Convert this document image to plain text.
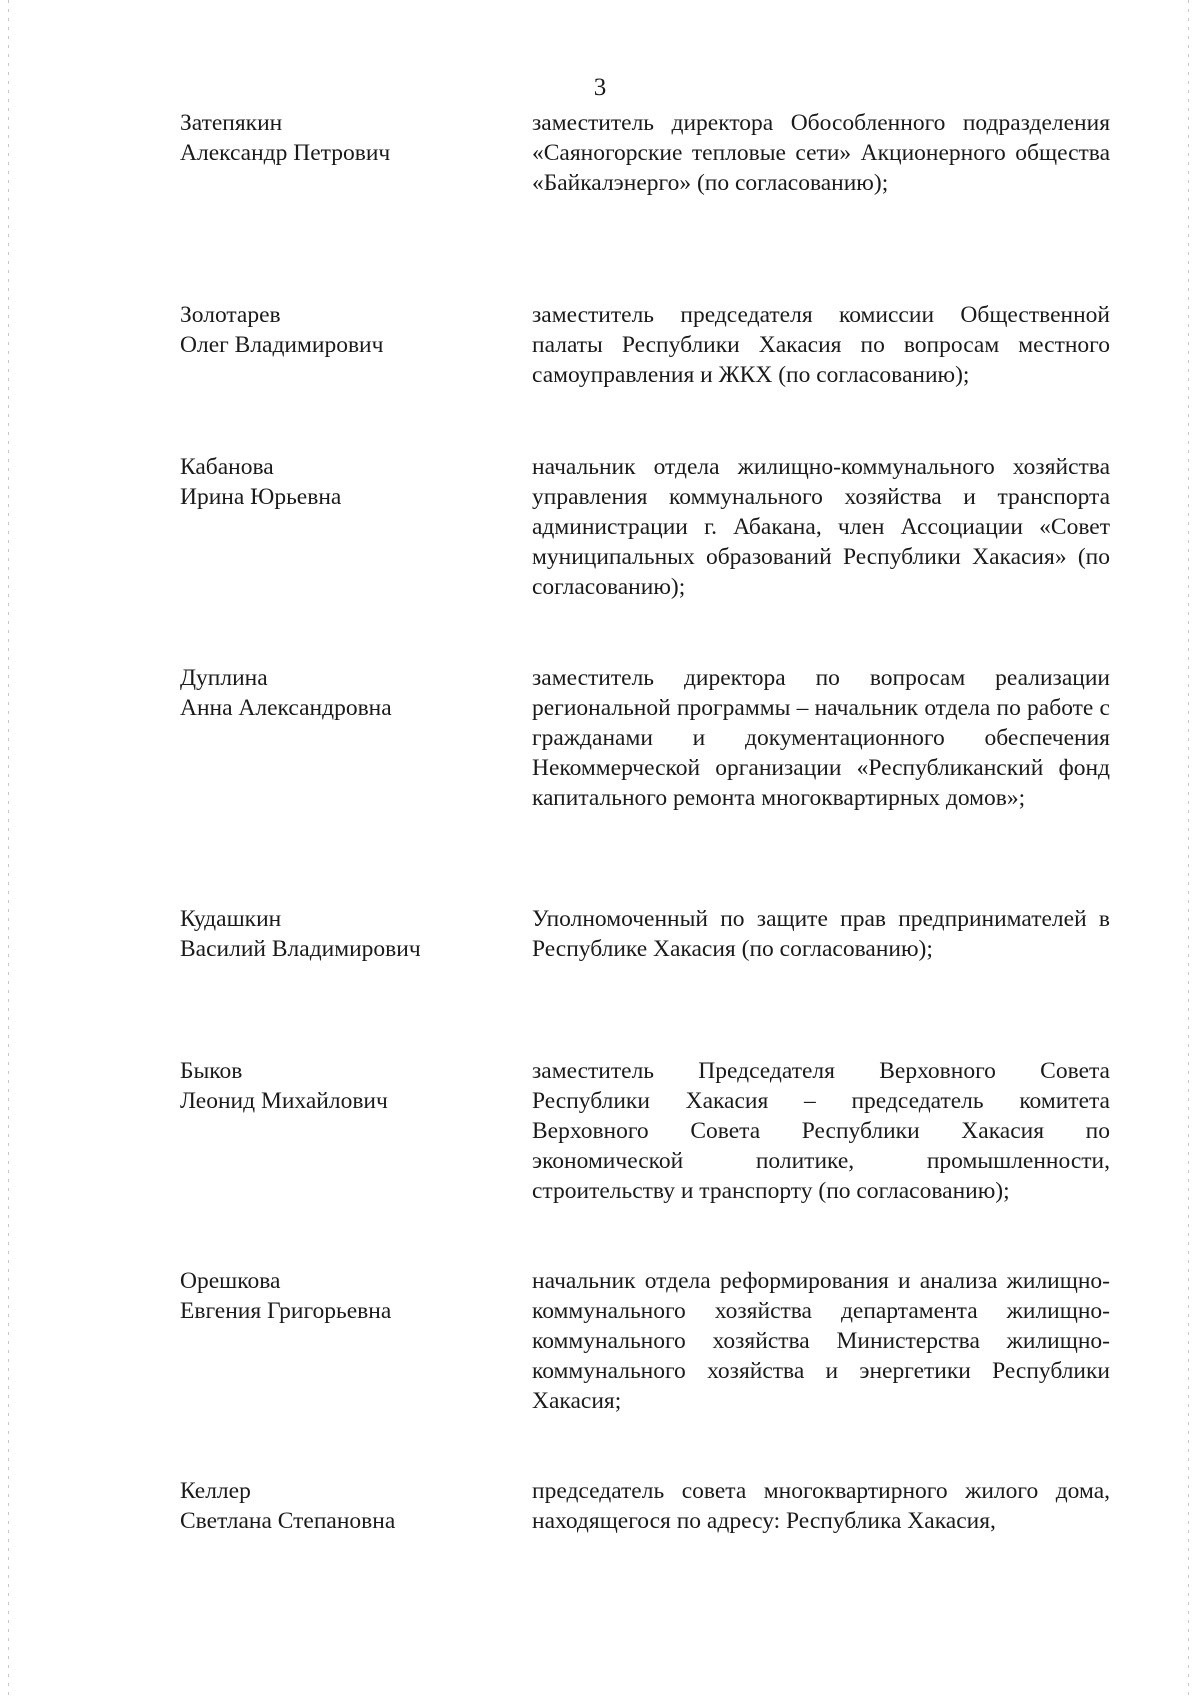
3
Затепякин
Александр Петрович
заместитель директора Обособленного подразделения «Саяногорские тепловые сети» Акционерного общества «Байкалэнерго» (по согласованию);
Золотарев
Олег Владимирович
заместитель председателя комиссии Общественной палаты Республики Хакасия по вопросам местного самоуправления и ЖКХ (по согласованию);
Кабанова
Ирина Юрьевна
начальник отдела жилищно-коммунального хозяйства управления коммунального хозяйства и транспорта администрации г. Абакана, член Ассоциации «Совет муниципальных образований Республики Хакасия» (по согласованию);
Дуплина
Анна Александровна
заместитель директора по вопросам реализации региональной программы – начальник отдела по работе с гражданами и документационного обеспечения Некоммерческой организации «Республиканский фонд капитального ремонта многоквартирных домов»;
Кудашкин
Василий Владимирович
Уполномоченный по защите прав предпринимателей в Республике Хакасия (по согласованию);
Быков
Леонид Михайлович
заместитель Председателя Верховного Совета Республики Хакасия – председатель комитета Верховного Совета Республики Хакасия по экономической политике, промышленности, строительству и транспорту (по согласованию);
Орешкова
Евгения Григорьевна
начальник отдела реформирования и анализа жилищно-коммунального хозяйства департамента жилищно-коммунального хозяйства Министерства жилищно-коммунального хозяйства и энергетики Республики Хакасия;
Келлер
Светлана Степановна
председатель совета многоквартирного жилого дома, находящегося по адресу: Республика Хакасия,
